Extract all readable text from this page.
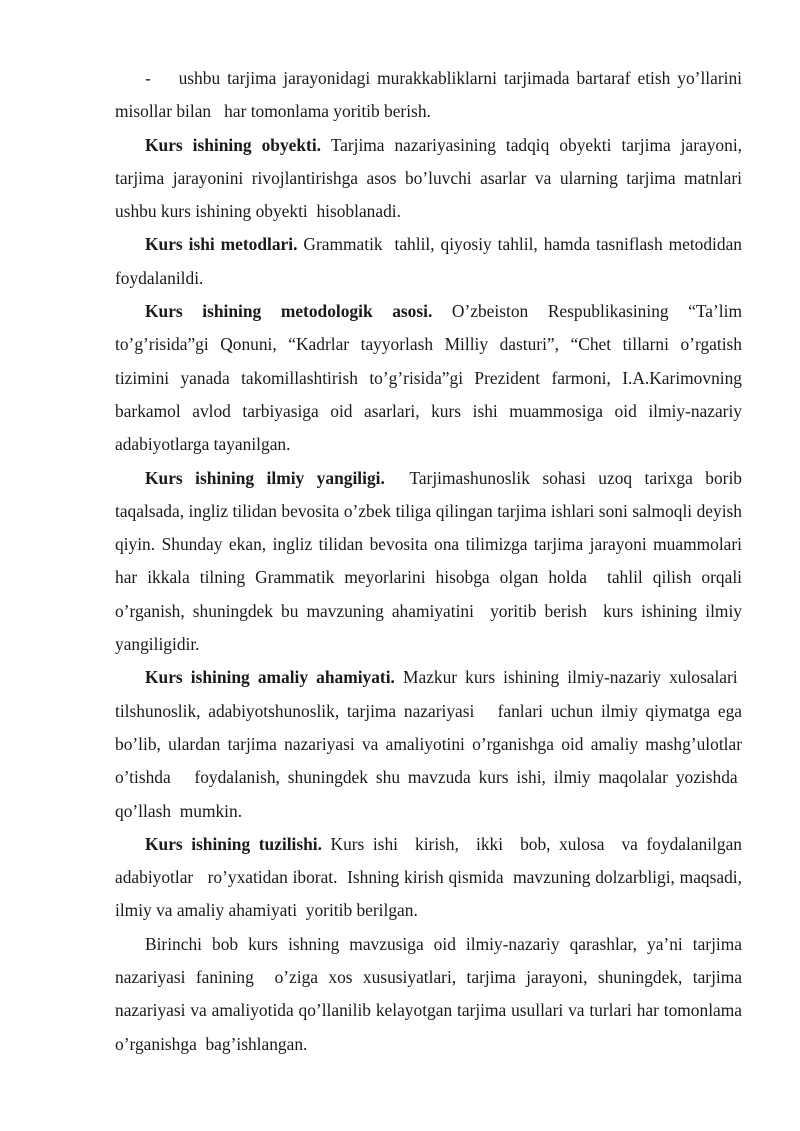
-    ushbu tarjima jarayonidagi murakkabliklarni tarjimada bartaraf etish yo’llarini misollar bilan   har tomonlama yoritib berish.

Kurs ishining obyekti. Tarjima nazariyasining tadqiq obyekti tarjima jarayoni, tarjima jarayonini rivojlantirishga asos bo’luvchi asarlar va ularning tarjima matnlari ushbu kurs ishining obyekti  hisoblanadi.

Kurs ishi metodlari. Grammatik  tahlil, qiyosiy tahlil, hamda tasniflash metodidan foydalanildi.

Kurs ishining metodologik asosi. O’zbeiston Respublikasining “Ta’lim to’g’risida”gi Qonuni, “Kadrlar tayyorlash Milliy dasturi”, “Chet tillarni o’rgatish tizimini yanada takomillashtirish to’g’risida”gi Prezident farmoni, I.A.Karimovning barkamol avlod tarbiyasiga oid asarlari, kurs ishi muammosiga oid ilmiy-nazariy adabiyotlarga tayanilgan.

Kurs ishining ilmiy yangiligi.  Tarjimashunoslik sohasi uzoq tarixga borib taqalsada, ingliz tilidan bevosita o’zbek tiliga qilingan tarjima ishlari soni salmoqli deyish qiyin. Shunday ekan, ingliz tilidan bevosita ona tilimizga tarjima jarayoni muammolari har ikkala tilning Grammatik meyorlarini hisobga olgan holda  tahlil qilish orqali o’rganish, shuningdek bu mavzuning ahamiyatini  yoritib berish  kurs ishining ilmiy yangiligidir.

Kurs ishining amaliy ahamiyati. Mazkur kurs ishining ilmiy-nazariy xulosalari  tilshunoslik, adabiyotshunoslik, tarjima nazariyasi   fanlari uchun ilmiy qiymatga ega bo’lib, ulardan tarjima nazariyasi va amaliyotini o’rganishga oid amaliy mashg’ulotlar o’tishda   foydalanish, shuningdek shu mavzuda kurs ishi, ilmiy maqolalar yozishda  qo’llash  mumkin.

Kurs ishining tuzilishi. Kurs ishi  kirish,  ikki  bob, xulosa  va foydalanilgan adabiyotlar   ro’yxatidan iborat.  Ishning kirish qismida  mavzuning dolzarbligi, maqsadi, ilmiy va amaliy ahamiyati  yoritib berilgan.

Birinchi bob kurs ishning mavzusiga oid ilmiy-nazariy qarashlar, ya’ni tarjima nazariyasi fanining  o’ziga xos xususiyatlari, tarjima jarayoni, shuningdek, tarjima nazariyasi va amaliyotida qo’llanilib kelayotgan tarjima usullari va turlari har tomonlama o’rganishga  bag’ishlangan.
